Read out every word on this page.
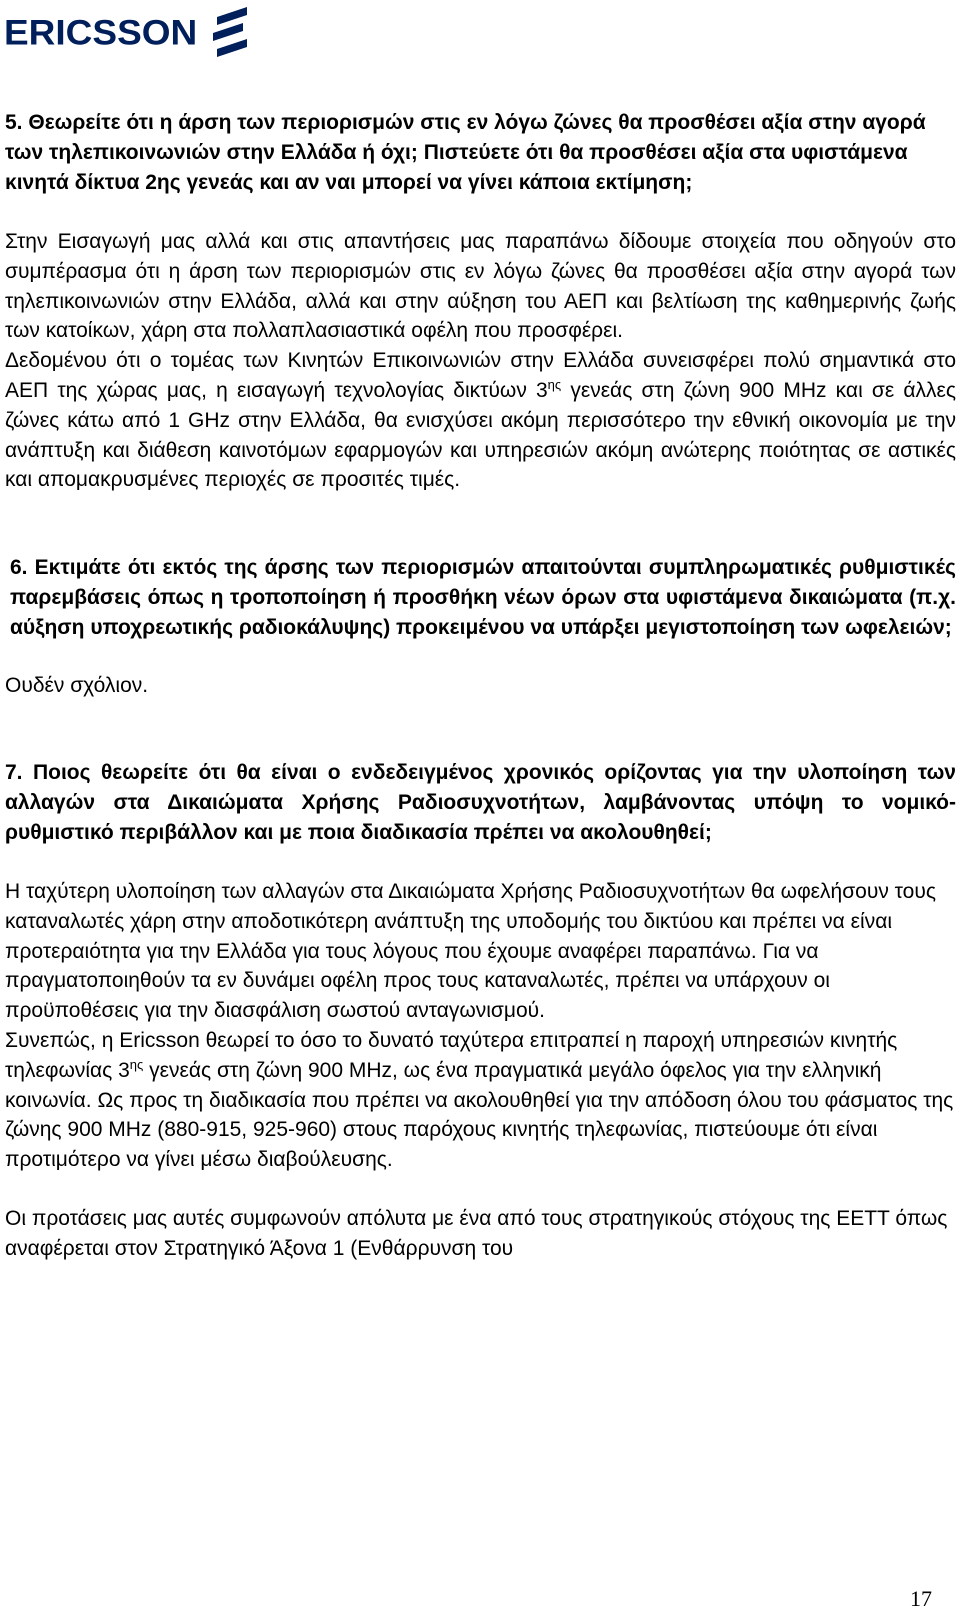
ERICSSON

5. Θεωρείτε ότι η άρση των περιορισμών στις εν λόγω ζώνες θα προσθέσει αξία στην αγορά των τηλεπικοινωνιών στην Ελλάδα ή όχι; Πιστεύετε ότι θα προσθέσει αξία στα υφιστάμενα κινητά δίκτυα 2ης γενεάς και αν ναι μπορεί να γίνει κάποια εκτίμηση;

Στην Εισαγωγή μας αλλά και στις απαντήσεις μας παραπάνω δίδουμε στοιχεία που οδηγούν στο συμπέρασμα ότι η άρση των περιορισμών στις εν λόγω ζώνες θα προσθέσει αξία στην αγορά των τηλεπικοινωνιών στην Ελλάδα, αλλά και στην αύξηση του ΑΕΠ και βελτίωση της καθημερινής ζωής των κατοίκων, χάρη στα πολλαπλασιαστικά οφέλη που προσφέρει.

Δεδομένου ότι ο τομέας των Κινητών Επικοινωνιών στην Ελλάδα συνεισφέρει πολύ σημαντικά στο ΑΕΠ της χώρας μας, η εισαγωγή τεχνολογίας δικτύων $3^{\eta\varsigma}$ γενεάς στη ζώνη 900 MHz και σε άλλες ζώνες κάτω από 1 GHz στην Ελλάδα, θα ενισχύσει ακόμη περισσότερο την εθνική οικονομία με την ανάπτυξη και διάθεση καινοτόμων εφαρμογών και υπηρεσιών ακόμη ανώτερης ποιότητας σε αστικές και απομακρυσμένες περιοχές σε προσιτές τιμές.

6. Εκτιμάτε ότι εκτός της άρσης των περιορισμών απαιτούνται συμπληρωματικές ρυθμιστικές παρεμβάσεις όπως η τροποποίηση ή προσθήκη νέων όρων στα υφιστάμενα δικαιώματα (π.χ. αύξηση υποχρεωτικής ραδιοκάλυψης) προκειμένου να υπάρξει μεγιστοποίηση των ωφελειών;

Ουδέν σχόλιον.

7. Ποιος θεωρείτε ότι θα είναι ο ενδεδειγμένος χρονικός ορίζοντας για την υλοποίηση των αλλαγών στα Δικαιώματα Χρήσης Ραδιοσυχνοτήτων, λαμβάνοντας υπόψη το νομικό-ρυθμιστικό περιβάλλον και με ποια διαδικασία πρέπει να ακολουθηθεί;

Η ταχύτερη υλοποίηση των αλλαγών στα Δικαιώματα Χρήσης Ραδιοσυχνοτήτων θα ωφελήσουν τους καταναλωτές χάρη στην αποδοτικότερη ανάπτυξη της υποδομής του δικτύου και πρέπει να είναι προτεραιότητα για την Ελλάδα για τους λόγους που έχουμε αναφέρει παραπάνω. Για να πραγματοποιηθούν τα εν δυνάμει οφέλη προς τους καταναλωτές, πρέπει να υπάρχουν οι προϋποθέσεις για την διασφάλιση σωστού ανταγωνισμού.

Συνεπώς, η Ericsson θεωρεί το όσο το δυνατό ταχύτερα επιτραπεί η παροχή υπηρεσιών κινητής τηλεφωνίας $3^{\eta\varsigma}$ γενεάς στη ζώνη 900 MHz, ως ένα πραγματικά μεγάλο όφελος για την ελληνική κοινωνία. Ως προς τη διαδικασία που πρέπει να ακολουθηθεί για την απόδοση όλου του φάσματος της ζώνης 900 MHz (880-915, 925-960) στους παρόχους κινητής τηλεφωνίας, πιστεύουμε ότι είναι προτιμότερο να γίνει μέσω διαβούλευσης.

Οι προτάσεις μας αυτές συμφωνούν απόλυτα με ένα από τους στρατηγικούς στόχους της ΕΕΤΤ όπως αναφέρεται στον Στρατηγικό Άξονα 1 (Ενθάρρυνση του

17
